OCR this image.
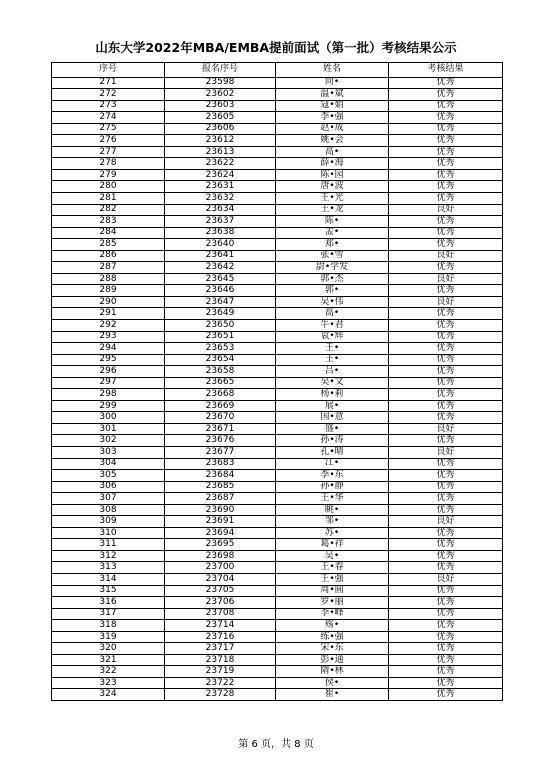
山东大学2022年MBA/EMBA提前面试（第一批）考核结果公示
序号	报名序号	姓名	考核结果
271	23598	向•	优秀
272	23602	温•斌	优秀
273	23603	寇•娟	优秀
274	23605	李•强	优秀
275	23606	赵•成	优秀
276	23612	姚•会	优秀
277	23613	高•	优秀
278	23622	薛•海	优秀
279	23624	陈•园	优秀
280	23631	唐•波	优秀
281	23632	王•光	优秀
282	23634	王•龙	良好
283	23637	陈•	优秀
284	23638	孟•	优秀
285	23640	郑•	优秀
286	23641	张•雪	良好
287	23642	尉•学发	优秀
288	23645	郭•杰	良好
289	23646	郭•	优秀
290	23647	吴•伟	良好
291	23649	高•	优秀
292	23650	牛•君	优秀
293	23651	袁•辉	优秀
294	23653	王•	优秀
295	23654	王•	优秀
296	23658	吕•	优秀
297	23665	吴•文	优秀
298	23668	杨•莉	优秀
299	23669	展•	优秀
300	23670	国•意	优秀
301	23671	盛•	良好
302	23676	孙•涛	优秀
303	23677	孔•晴	良好
304	23683	江•	优秀
305	23684	李•东	优秀
306	23685	孙•静	优秀
307	23687	王•华	优秀
308	23690	眺•	优秀
309	23691	邹•	良好
310	23694	苏•	优秀
311	23695	葛•祥	优秀
312	23698	吴•	优秀
313	23700	王•春	优秀
314	23704	王•强	良好
315	23705	周•圆	优秀
316	23706	罗•丽	优秀
317	23708	李•峰	优秀
318	23714	殇•	优秀
319	23716	练•强	优秀
320	23717	宋•东	优秀
321	23718	彭•通	优秀
322	23719	隋•林	优秀
323	23722	侯•	优秀
324	23728	崔•	优秀
第 6 页，共 8 页
